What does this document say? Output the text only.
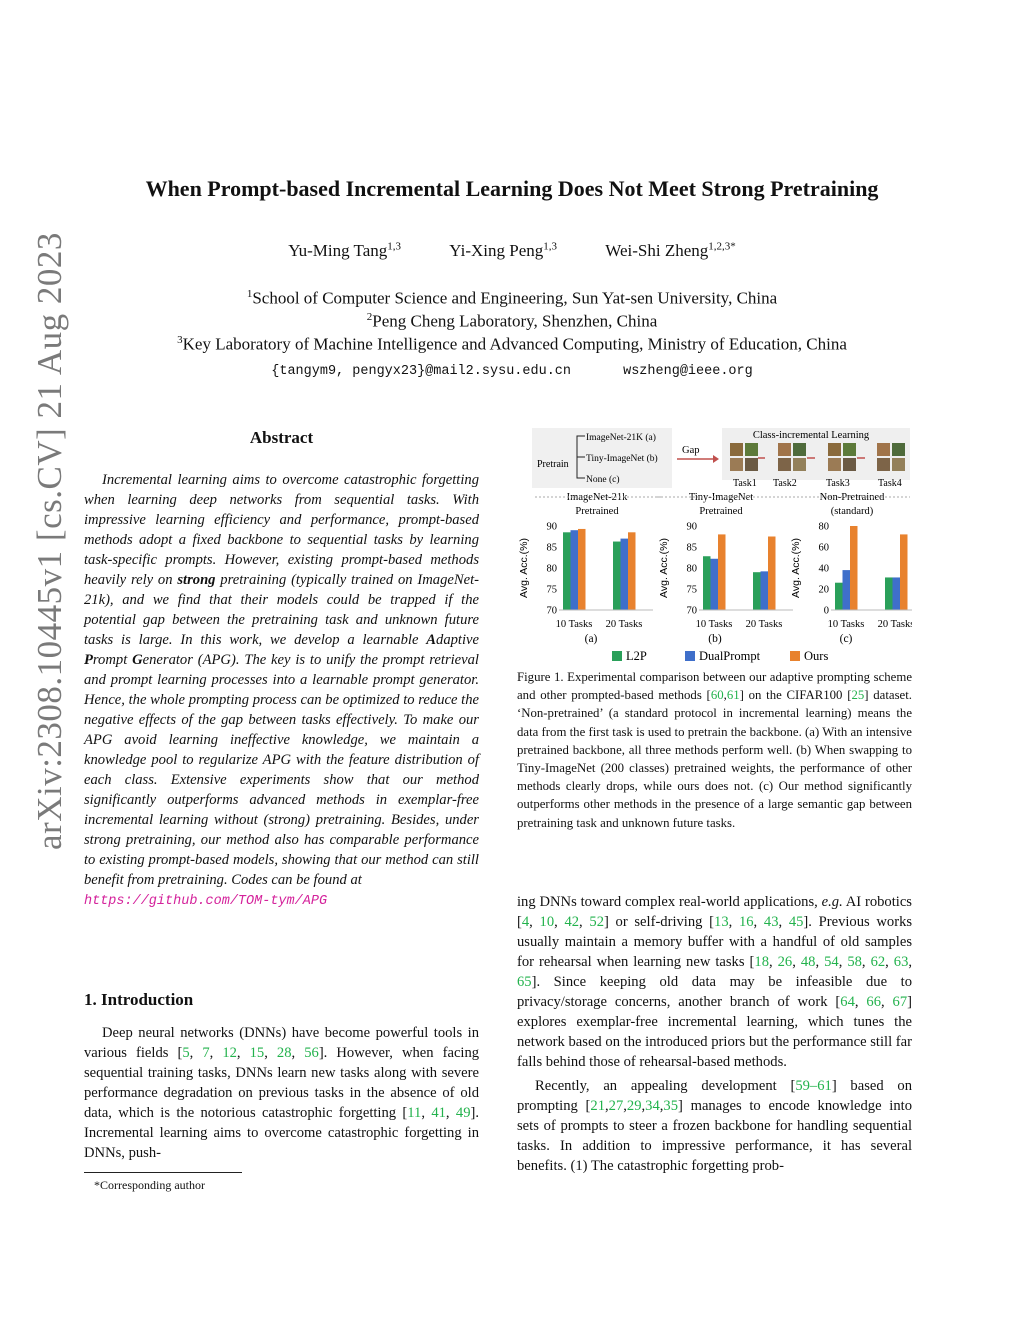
arXiv:2308.10445v1 [cs.CV] 21 Aug 2023
When Prompt-based Incremental Learning Does Not Meet Strong Pretraining
Yu-Ming Tang$^{1,3}$	Yi-Xing Peng$^{1,3}$	Wei-Shi Zheng$^{1,2,3*}$
$^1$School of Computer Science and Engineering, Sun Yat-sen University, China
$^2$Peng Cheng Laboratory, Shenzhen, China
$^3$Key Laboratory of Machine Intelligence and Advanced Computing, Ministry of Education, China
{tangym9, pengyx23}@mail2.sysu.edu.cn	wszheng@ieee.org
Abstract

Incremental learning aims to overcome catastrophic forgetting when learning deep networks from sequential tasks. With impressive learning efficiency and performance, prompt-based methods adopt a fixed backbone to sequential tasks by learning task-specific prompts. However, existing prompt-based methods heavily rely on strong pretraining (typically trained on ImageNet-21k), and we find that their models could be trapped if the potential gap between the pretraining task and unknown future tasks is large. In this work, we develop a learnable Adaptive Prompt Generator (APG). The key is to unify the prompt retrieval and prompt learning processes into a learnable prompt generator. Hence, the whole prompting process can be optimized to reduce the negative effects of the gap between tasks effectively. To make our APG avoid learning ineffective knowledge, we maintain a knowledge pool to regularize APG with the feature distribution of each class. Extensive experiments show that our method significantly outperforms advanced methods in exemplar-free incremental learning without (strong) pretraining. Besides, under strong pretraining, our method also has comparable performance to existing prompt-based models, showing that our method can still benefit from pretraining. Codes can be found at
https://github.com/TOM-tym/APG

1. Introduction

Deep neural networks (DNNs) have become powerful tools in various fields [5, 7, 12, 15, 28, 56]. However, when facing sequential training tasks, DNNs learn new tasks along with severe performance degradation on previous tasks in the absence of old data, which is the notorious catastrophic forgetting [11, 41, 49]. Incremental learning aims to overcome catastrophic forgetting in DNNs, push-

*Corresponding author
Pretrain
ImageNet-21K (a)
Tiny-ImageNet (b)
None (c)
Gap
Class-incremental Learning
Task1 Task2	Task3	Task4
ImageNet-21k
Pretrained
Avg. Acc.(%)
70
75
80
85
90
10 Tasks 20 Tasks
(a)
Tiny-ImageNet
Pretrained
Avg. Acc.(%)
70
75
80
85
90
10 Tasks 20 Tasks
(b)
Non-Pretrained
(standard)
Avg. Acc.(%)
0
20
40
60
80
10 Tasks 20 Tasks
(c)
L2P	DualPrompt	Ours
Figure 1. Experimental comparison between our adaptive prompting scheme and other prompted-based methods [60,61] on the CIFAR100 [25] dataset. ‘Non-pretrained’ (a standard protocol in incremental learning) means the data from the first task is used to pretrain the backbone. (a) With an intensive pretrained backbone, all three methods perform well. (b) When swapping to Tiny-ImageNet (200 classes) pretrained weights, the performance of other methods clearly drops, while ours does not. (c) Our method significantly outperforms other methods in the presence of a large semantic gap between pretraining task and unknown future tasks.

ing DNNs toward complex real-world applications, e.g. AI robotics [4, 10, 42, 52] or self-driving [13, 16, 43, 45]. Previous works usually maintain a memory buffer with a handful of old samples for rehearsal when learning new tasks [18, 26, 48, 54, 58, 62, 63, 65]. Since keeping old data may be infeasible due to privacy/storage concerns, another branch of work [64, 66, 67] explores exemplar-free incremental learning, which tunes the network based on the introduced priors but the performance still far falls behind those of rehearsal-based methods.

Recently, an appealing development [59–61] based on prompting [21,27,29,34,35] manages to encode knowledge into sets of prompts to steer a frozen backbone for handling sequential tasks. In addition to impressive performance, it has several benefits. (1) The catastrophic forgetting prob-
